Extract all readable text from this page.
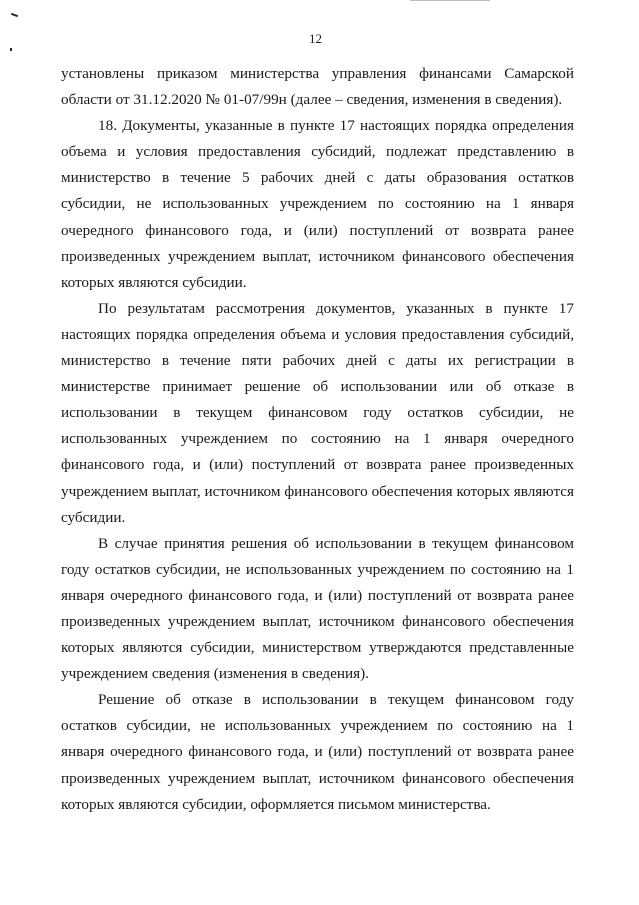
12

установлены приказом министерства управления финансами Самарской области от 31.12.2020 № 01-07/99н (далее – сведения, изменения в сведения).

18. Документы, указанные в пункте 17 настоящих порядка определения объема и условия предоставления субсидий, подлежат представлению в министерство в течение 5 рабочих дней с даты образования остатков субсидии, не использованных учреждением по состоянию на 1 января очередного финансового года, и (или) поступлений от возврата ранее произведенных учреждением выплат, источником финансового обеспечения которых являются субсидии.

По результатам рассмотрения документов, указанных в пункте 17 настоящих порядка определения объема и условия предоставления субсидий, министерство в течение пяти рабочих дней с даты их регистрации в министерстве принимает решение об использовании или об отказе в использовании в текущем финансовом году остатков субсидии, не использованных учреждением по состоянию на 1 января очередного финансового года, и (или) поступлений от возврата ранее произведенных учреждением выплат, источником финансового обеспечения которых являются субсидии.

В случае принятия решения об использовании в текущем финансовом году остатков субсидии, не использованных учреждением по состоянию на 1 января очередного финансового года, и (или) поступлений от возврата ранее произведенных учреждением выплат, источником финансового обеспечения которых являются субсидии, министерством утверждаются представленные учреждением сведения (изменения в сведения).

Решение об отказе в использовании в текущем финансовом году остатков субсидии, не использованных учреждением по состоянию на 1 января очередного финансового года, и (или) поступлений от возврата ранее произведенных учреждением выплат, источником финансового обеспечения которых являются субсидии, оформляется письмом министерства.
